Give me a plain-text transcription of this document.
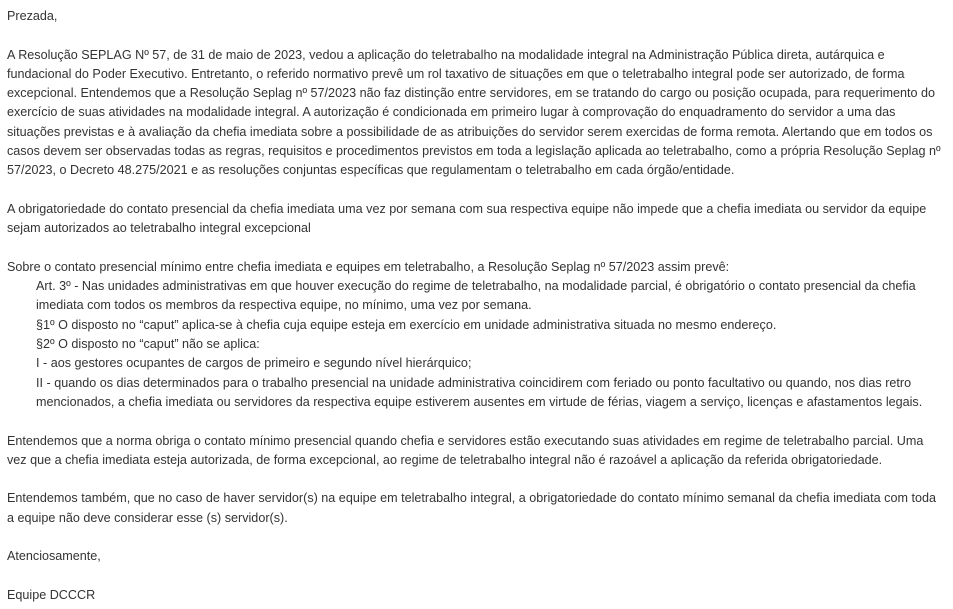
Prezada,

A Resolução SEPLAG Nº 57, de 31 de maio de 2023, vedou a aplicação do teletrabalho na modalidade integral na Administração Pública direta, autárquica e fundacional do Poder Executivo. Entretanto, o referido normativo prevê um rol taxativo de situações em que o teletrabalho integral pode ser autorizado, de forma excepcional. Entendemos que a Resolução Seplag nº 57/2023 não faz distinção entre servidores, em se tratando do cargo ou posição ocupada, para requerimento do exercício de suas atividades na modalidade integral. A autorização é condicionada em primeiro lugar à comprovação do enquadramento do servidor a uma das situações previstas e à avaliação da chefia imediata sobre a possibilidade de as atribuições do servidor serem exercidas de forma remota. Alertando que em todos os casos devem ser observadas todas as regras, requisitos e procedimentos previstos em toda a legislação aplicada ao teletrabalho, como a própria Resolução Seplag nº 57/2023, o Decreto 48.275/2021 e as resoluções conjuntas específicas que regulamentam o teletrabalho em cada órgão/entidade.

A obrigatoriedade do contato presencial da chefia imediata uma vez por semana com sua respectiva equipe não impede que a chefia imediata ou servidor da equipe sejam autorizados ao teletrabalho integral excepcional

Sobre o contato presencial mínimo entre chefia imediata e equipes em teletrabalho, a Resolução Seplag nº 57/2023 assim prevê:

Art. 3º - Nas unidades administrativas em que houver execução do regime de teletrabalho, na modalidade parcial, é obrigatório o contato presencial da chefia imediata com todos os membros da respectiva equipe, no mínimo, uma vez por semana.

§1º O disposto no “caput” aplica-se à chefia cuja equipe esteja em exercício em unidade administrativa situada no mesmo endereço.

§2º O disposto no “caput” não se aplica:

I - aos gestores ocupantes de cargos de primeiro e segundo nível hierárquico;

II - quando os dias determinados para o trabalho presencial na unidade administrativa coincidirem com feriado ou ponto facultativo ou quando, nos dias retro mencionados, a chefia imediata ou servidores da respectiva equipe estiverem ausentes em virtude de férias, viagem a serviço, licenças e afastamentos legais.

Entendemos que a norma obriga o contato mínimo presencial quando chefia e servidores estão executando suas atividades em regime de teletrabalho parcial. Uma vez que a chefia imediata esteja autorizada, de forma excepcional, ao regime de teletrabalho integral não é razoável a aplicação da referida obrigatoriedade.

Entendemos também, que no caso de haver servidor(s) na equipe em teletrabalho integral, a obrigatoriedade do contato mínimo semanal da chefia imediata com toda a equipe não deve considerar esse (s) servidor(s).

Atenciosamente,

Equipe DCCCR
